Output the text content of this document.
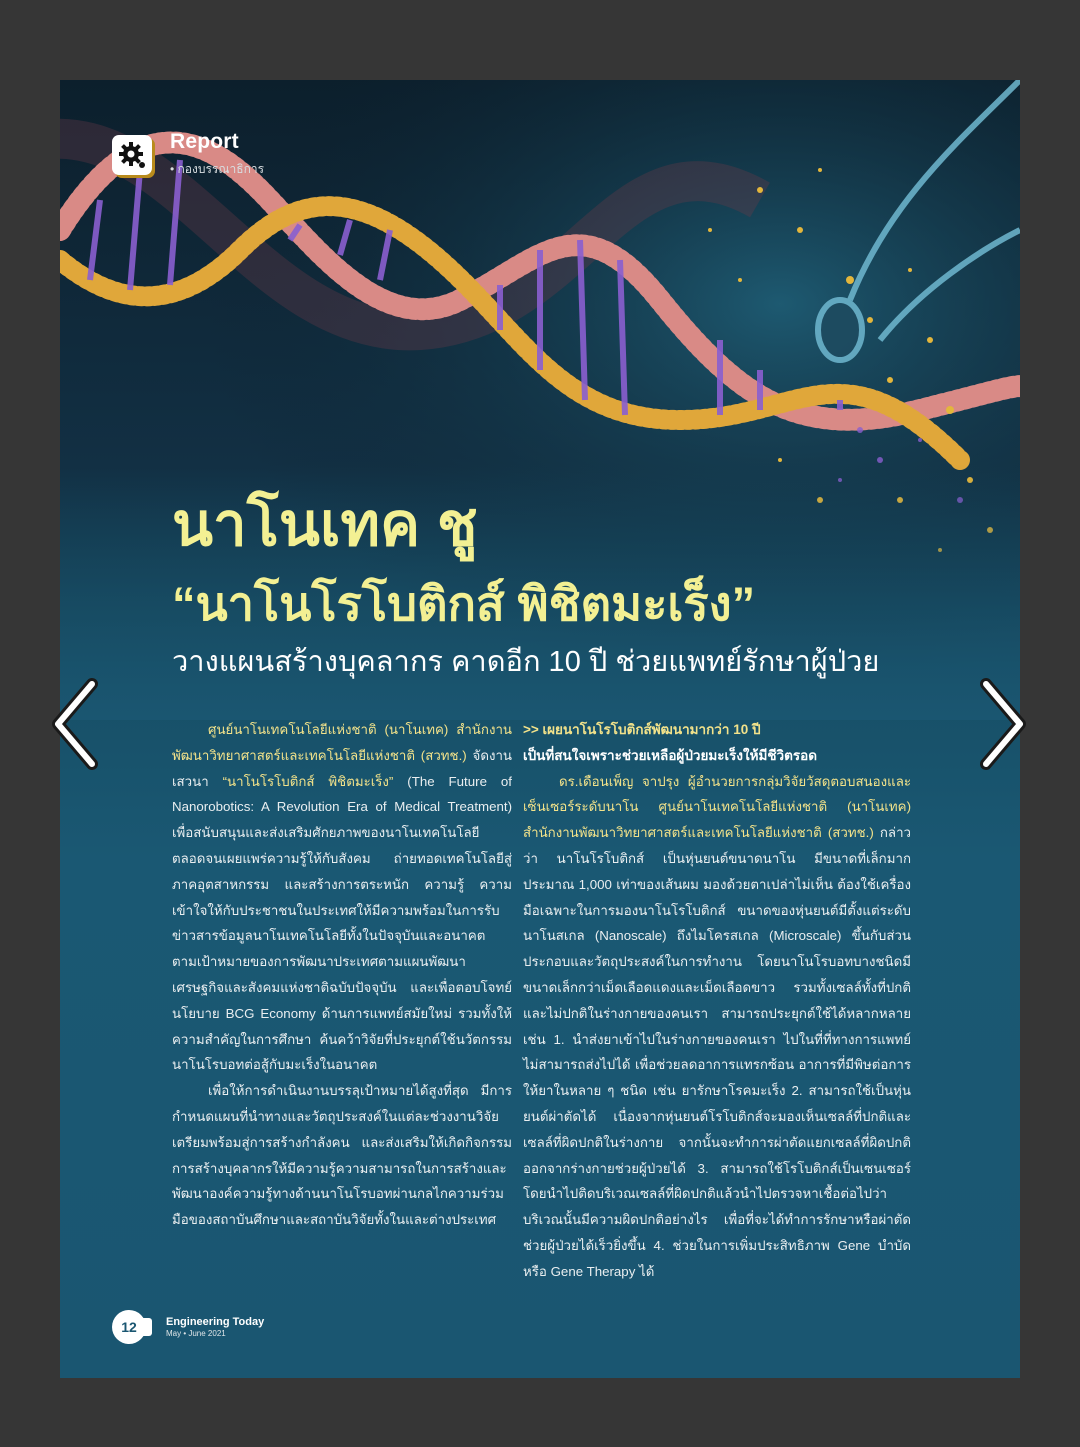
Report
• กองบรรณาธิการ
นาโนเทค ชู
“นาโนโรโบติกส์ พิชิตมะเร็ง”
วางแผนสร้างบุคลากร คาดอีก 10 ปี ช่วยแพทย์รักษาผู้ป่วย

ศูนย์นาโนเทคโนโลยีแห่งชาติ (นาโนเทค) สำนักงานพัฒนาวิทยาศาสตร์และเทคโนโลยีแห่งชาติ (สวทช.) จัดงานเสวนา “นาโนโรโบติกส์ พิชิตมะเร็ง” (The Future of Nanorobotics: A Revolution Era of Medical Treatment) เพื่อสนับสนุนและส่งเสริมศักยภาพของนาโนเทคโนโลยี ตลอดจนเผยแพร่ความรู้ให้กับสังคม ถ่ายทอดเทคโนโลยีสู่ภาคอุตสาหกรรม และสร้างการตระหนัก ความรู้ ความเข้าใจให้กับประชาชนในประเทศให้มีความพร้อมในการรับข่าวสารข้อมูลนาโนเทคโนโลยีทั้งในปัจจุบันและอนาคต ตามเป้าหมายของการพัฒนาประเทศตามแผนพัฒนาเศรษฐกิจและสังคมแห่งชาติฉบับปัจจุบัน และเพื่อตอบโจทย์นโยบาย BCG Economy ด้านการแพทย์สมัยใหม่ รวมทั้งให้ความสำคัญในการศึกษา ค้นคว้าวิจัยที่ประยุกต์ใช้นวัตกรรมนาโนโรบอทต่อสู้กับมะเร็งในอนาคต

เพื่อให้การดำเนินงานบรรลุเป้าหมายได้สูงที่สุด มีการกำหนดแผนที่นำทางและวัตถุประสงค์ในแต่ละช่วงงานวิจัย เตรียมพร้อมสู่การสร้างกำลังคน และส่งเสริมให้เกิดกิจกรรมการสร้างบุคลากรให้มีความรู้ความสามารถในการสร้างและพัฒนาองค์ความรู้ทางด้านนาโนโรบอทผ่านกลไกความร่วมมือของสถาบันศึกษาและสถาบันวิจัยทั้งในและต่างประเทศ

>> เผยนาโนโรโบติกส์พัฒนามากว่า 10 ปี

เป็นที่สนใจเพราะช่วยเหลือผู้ป่วยมะเร็งให้มีชีวิตรอด

ดร.เดือนเพ็ญ จาปรุง ผู้อำนวยการกลุ่มวิจัยวัสดุตอบสนองและเซ็นเซอร์ระดับนาโน ศูนย์นาโนเทคโนโลยีแห่งชาติ (นาโนเทค) สำนักงานพัฒนาวิทยาศาสตร์และเทคโนโลยีแห่งชาติ (สวทช.) กล่าวว่า นาโนโรโบติกส์ เป็นหุ่นยนต์ขนาดนาโน มีขนาดที่เล็กมากประมาณ 1,000 เท่าของเส้นผม มองด้วยตาเปล่าไม่เห็น ต้องใช้เครื่องมือเฉพาะในการมองนาโนโรโบติกส์ ขนาดของหุ่นยนต์มีตั้งแต่ระดับนาโนสเกล (Nanoscale) ถึงไมโครสเกล (Microscale) ขึ้นกับส่วนประกอบและวัตถุประสงค์ในการทำงาน โดยนาโนโรบอทบางชนิดมีขนาดเล็กกว่าเม็ดเลือดแดงและเม็ดเลือดขาว รวมทั้งเซลล์ทั้งที่ปกติและไม่ปกติในร่างกายของคนเรา สามารถประยุกต์ใช้ได้หลากหลาย เช่น 1. นำส่งยาเข้าไปในร่างกายของคนเรา ไปในที่ที่ทางการแพทย์ไม่สามารถส่งไปได้ เพื่อช่วยลดอาการแทรกซ้อน อาการที่มีพิษต่อการให้ยาในหลาย ๆ ชนิด เช่น ยารักษาโรคมะเร็ง 2. สามารถใช้เป็นหุ่นยนต์ผ่าตัดได้ เนื่องจากหุ่นยนต์โรโบติกส์จะมองเห็นเซลล์ที่ปกติและเซลล์ที่ผิดปกติในร่างกาย จากนั้นจะทำการผ่าตัดแยกเซลล์ที่ผิดปกติออกจากร่างกายช่วยผู้ป่วยได้ 3. สามารถใช้โรโบติกส์เป็นเซนเซอร์ โดยนำไปติดบริเวณเซลล์ที่ผิดปกติแล้วนำไปตรวจหาเชื้อต่อไปว่าบริเวณนั้นมีความผิดปกติอย่างไร เพื่อที่จะได้ทำการรักษาหรือผ่าตัดช่วยผู้ป่วยได้เร็วยิ่งขึ้น 4. ช่วยในการเพิ่มประสิทธิภาพ Gene บำบัด หรือ Gene Therapy ได้

12	Engineering Today
May • June 2021
